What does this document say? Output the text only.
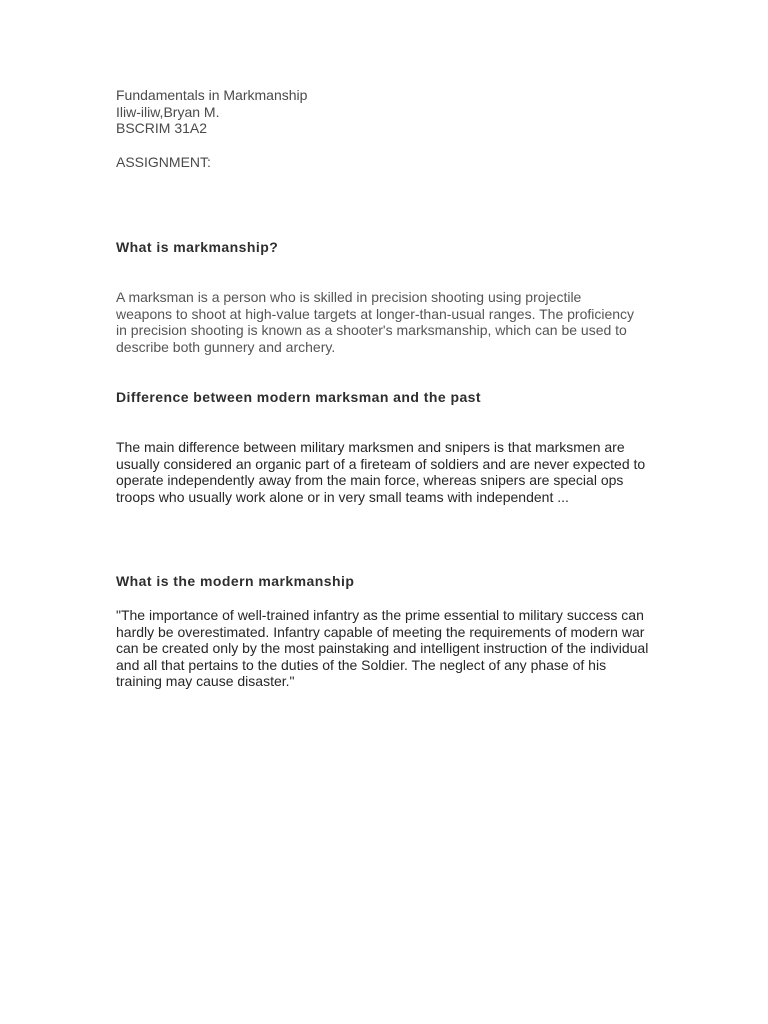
Fundamentals in Markmanship
Iliw-iliw,Bryan M.
BSCRIM 31A2
ASSIGNMENT:
What is markmanship?
A marksman is a person who is skilled in precision shooting using projectile weapons to shoot at high-value targets at longer-than-usual ranges. The proficiency in precision shooting is known as a shooter's marksmanship, which can be used to describe both gunnery and archery.
Difference between modern marksman and the past
The main difference between military marksmen and snipers is that marksmen are usually considered an organic part of a fireteam of soldiers and are never expected to operate independently away from the main force, whereas snipers are special ops troops who usually work alone or in very small teams with independent ...
What is the modern markmanship
"The importance of well-trained infantry as the prime essential to military success can hardly be overestimated. Infantry capable of meeting the requirements of modern war can be created only by the most painstaking and intelligent instruction of the individual and all that pertains to the duties of the Soldier. The neglect of any phase of his training may cause disaster."
